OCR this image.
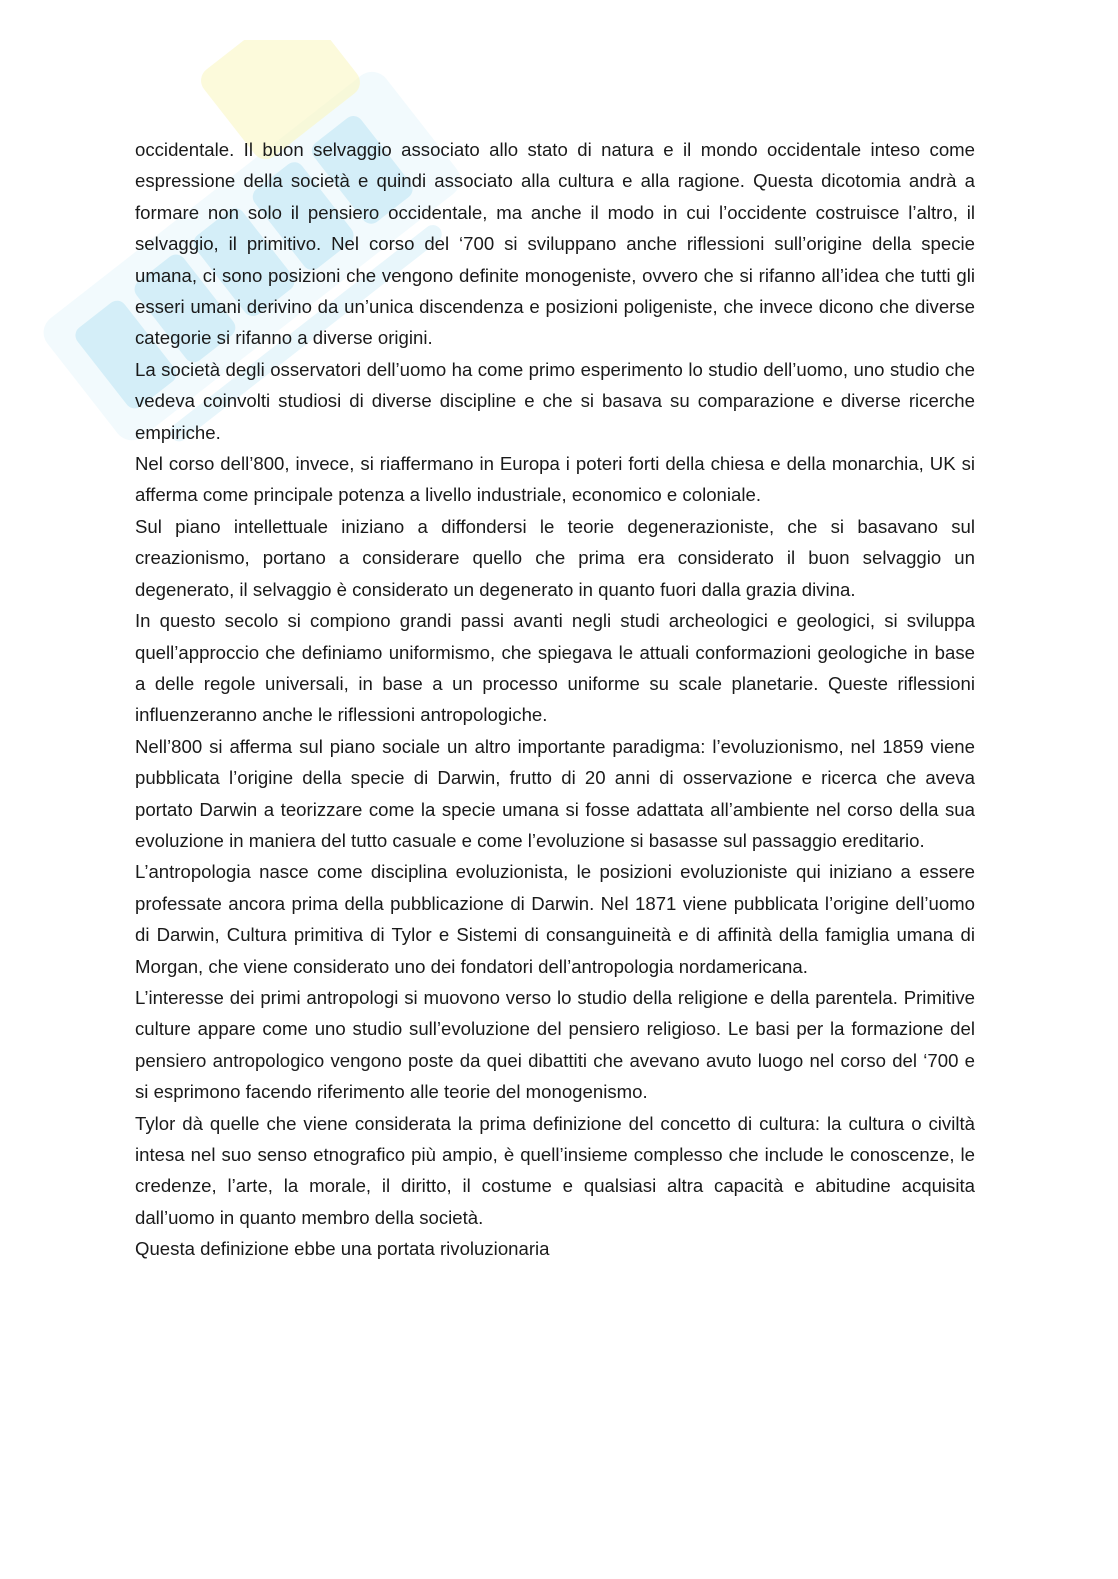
occidentale. Il buon selvaggio associato allo stato di natura e il mondo occidentale inteso come espressione della società e quindi associato alla cultura e alla ragione. Questa dicotomia andrà a formare non solo il pensiero occidentale, ma anche il modo in cui l’occidente costruisce l’altro, il selvaggio, il primitivo. Nel corso del ‘700 si sviluppano anche riflessioni sull’origine della specie umana, ci sono posizioni che vengono definite monogeniste, ovvero che si rifanno all’idea che tutti gli esseri umani derivino da un’unica discendenza e posizioni poligeniste, che invece dicono che diverse categorie si rifanno a diverse origini.

La società degli osservatori dell’uomo ha come primo esperimento lo studio dell’uomo, uno studio che vedeva coinvolti studiosi di diverse discipline e che si basava su comparazione e diverse ricerche empiriche.

Nel corso dell’800, invece, si riaffermano in Europa i poteri forti della chiesa e della monarchia, UK si afferma come principale potenza a livello industriale, economico e coloniale.

Sul piano intellettuale iniziano a diffondersi le teorie degenerazioniste, che si basavano sul creazionismo, portano a considerare quello che prima era considerato il buon selvaggio un degenerato, il selvaggio è considerato un degenerato in quanto fuori dalla grazia divina.

In questo secolo si compiono grandi passi avanti negli studi archeologici e geologici, si sviluppa quell’approccio che definiamo uniformismo, che spiegava le attuali conformazioni geologiche in base a delle regole universali, in base a un processo uniforme su scale planetarie. Queste riflessioni influenzeranno anche le riflessioni antropologiche.

Nell’800 si afferma sul piano sociale un altro importante paradigma: l’evoluzionismo, nel 1859 viene pubblicata l’origine della specie di Darwin, frutto di 20 anni di osservazione e ricerca che aveva portato Darwin a teorizzare come la specie umana si fosse adattata all’ambiente nel corso della sua evoluzione in maniera del tutto casuale e come l’evoluzione si basasse sul passaggio ereditario.

L’antropologia nasce come disciplina evoluzionista, le posizioni evoluzioniste qui iniziano a essere professate ancora prima della pubblicazione di Darwin. Nel 1871 viene pubblicata l’origine dell’uomo di Darwin, Cultura primitiva di Tylor e Sistemi di consanguineità e di affinità della famiglia umana di Morgan, che viene considerato uno dei fondatori dell’antropologia nordamericana.

L’interesse dei primi antropologi si muovono verso lo studio della religione e della parentela. Primitive culture appare come uno studio sull’evoluzione del pensiero religioso. Le basi per la formazione del pensiero antropologico vengono poste da quei dibattiti che avevano avuto luogo nel corso del ‘700 e si esprimono facendo riferimento alle teorie del monogenismo.

Tylor dà quelle che viene considerata la prima definizione del concetto di cultura: la cultura o civiltà intesa nel suo senso etnografico più ampio, è quell’insieme complesso che include le conoscenze, le credenze, l’arte, la morale, il diritto, il costume e qualsiasi altra capacità e abitudine acquisita dall’uomo in quanto membro della società.

Questa definizione ebbe una portata rivoluzionaria
